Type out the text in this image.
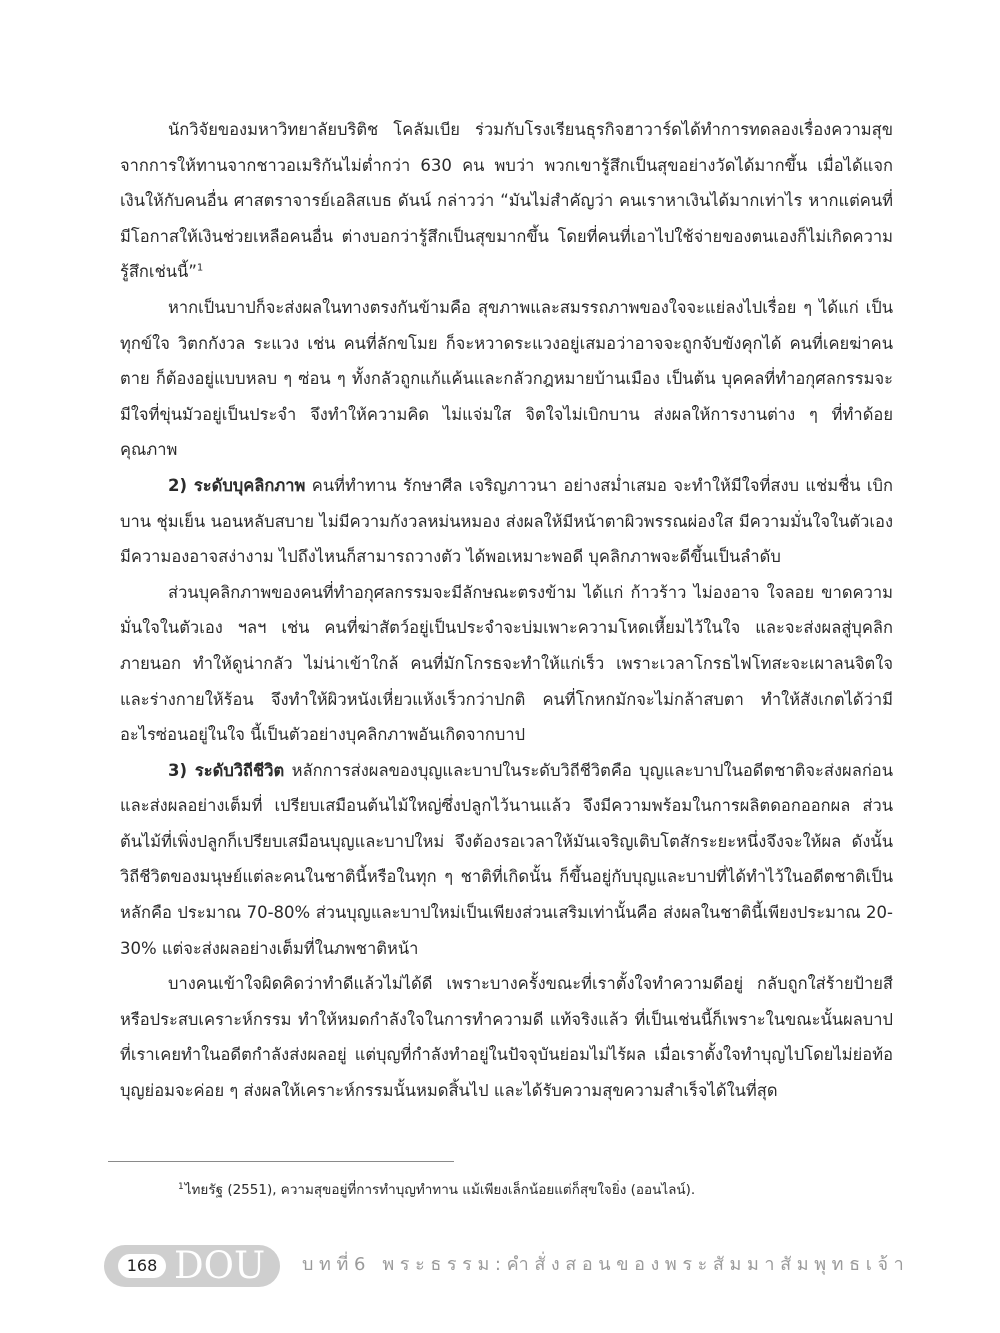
นักวิจัยของมหาวิทยาลัยบริติช โคลัมเบีย ร่วมกับโรงเรียนธุรกิจฮาวาร์ดได้ทำการทดลองเรื่องความสุขจากการให้ทานจากชาวอเมริกันไม่ต่ำกว่า 630 คน พบว่า พวกเขารู้สึกเป็นสุขอย่างวัดได้มากขึ้น เมื่อได้แจกเงินให้กับคนอื่น ศาสตราจารย์เอลิสเบธ ดันน์ กล่าวว่า “มันไม่สำคัญว่า คนเราหาเงินได้มากเท่าไร หากแต่คนที่มีโอกาสให้เงินช่วยเหลือคนอื่น ต่างบอกว่ารู้สึกเป็นสุขมากขึ้น โดยที่คนที่เอาไปใช้จ่ายของตนเองก็ไม่เกิดความรู้สึกเช่นนี้”$^1$

หากเป็นบาปก็จะส่งผลในทางตรงกันข้ามคือ สุขภาพและสมรรถภาพของใจจะแย่ลงไปเรื่อย ๆ ได้แก่ เป็นทุกข์ใจ วิตกกังวล ระแวง เช่น คนที่ลักขโมย ก็จะหวาดระแวงอยู่เสมอว่าอาจจะถูกจับขังคุกได้ คนที่เคยฆ่าคนตาย ก็ต้องอยู่แบบหลบ ๆ ซ่อน ๆ ทั้งกลัวถูกแก้แค้นและกลัวกฎหมายบ้านเมือง เป็นต้น บุคคลที่ทำอกุศลกรรมจะมีใจที่ขุ่นมัวอยู่เป็นประจำ จึงทำให้ความคิด ไม่แจ่มใส จิตใจไม่เบิกบาน ส่งผลให้การงานต่าง ๆ ที่ทำด้อยคุณภาพ

2) ระดับบุคลิกภาพ คนที่ทำทาน รักษาศีล เจริญภาวนา อย่างสม่ำเสมอ จะทำให้มีใจที่สงบ แช่มชื่น เบิกบาน ชุ่มเย็น นอนหลับสบาย ไม่มีความกังวลหม่นหมอง ส่งผลให้มีหน้าตาผิวพรรณผ่องใส มีความมั่นใจในตัวเอง มีความองอาจสง่างาม ไปถึงไหนก็สามารถวางตัว ได้พอเหมาะพอดี บุคลิกภาพจะดีขึ้นเป็นลำดับ

ส่วนบุคลิกภาพของคนที่ทำอกุศลกรรมจะมีลักษณะตรงข้าม ได้แก่ ก้าวร้าว ไม่องอาจ ใจลอย ขาดความมั่นใจในตัวเอง ฯลฯ เช่น คนที่ฆ่าสัตว์อยู่เป็นประจำจะบ่มเพาะความโหดเหี้ยมไว้ในใจ และจะส่งผลสู่บุคลิกภายนอก ทำให้ดูน่ากลัว ไม่น่าเข้าใกล้ คนที่มักโกรธจะทำให้แก่เร็ว เพราะเวลาโกรธไฟโทสะจะเผาลนจิตใจและร่างกายให้ร้อน จึงทำให้ผิวหนังเหี่ยวแห้งเร็วกว่าปกติ คนที่โกหกมักจะไม่กล้าสบตา ทำให้สังเกตได้ว่ามีอะไรซ่อนอยู่ในใจ นี้เป็นตัวอย่างบุคลิกภาพอันเกิดจากบาป

3) ระดับวิถีชีวิต หลักการส่งผลของบุญและบาปในระดับวิถีชีวิตคือ บุญและบาปในอดีตชาติจะส่งผลก่อนและส่งผลอย่างเต็มที่ เปรียบเสมือนต้นไม้ใหญ่ซึ่งปลูกไว้นานแล้ว จึงมีความพร้อมในการผลิตดอกออกผล ส่วนต้นไม้ที่เพิ่งปลูกก็เปรียบเสมือนบุญและบาปใหม่ จึงต้องรอเวลาให้มันเจริญเติบโตสักระยะหนึ่งจึงจะให้ผล ดังนั้นวิถีชีวิตของมนุษย์แต่ละคนในชาตินี้หรือในทุก ๆ ชาติที่เกิดนั้น ก็ขึ้นอยู่กับบุญและบาปที่ได้ทำไว้ในอดีตชาติเป็นหลักคือ ประมาณ 70-80% ส่วนบุญและบาปใหม่เป็นเพียงส่วนเสริมเท่านั้นคือ ส่งผลในชาตินี้เพียงประมาณ 20-30% แต่จะส่งผลอย่างเต็มที่ในภพชาติหน้า

บางคนเข้าใจผิดคิดว่าทำดีแล้วไม่ได้ดี เพราะบางครั้งขณะที่เราตั้งใจทำความดีอยู่ กลับถูกใส่ร้ายป้ายสี หรือประสบเคราะห์กรรม ทำให้หมดกำลังใจในการทำความดี แท้จริงแล้ว ที่เป็นเช่นนี้ก็เพราะในขณะนั้นผลบาปที่เราเคยทำในอดีตกำลังส่งผลอยู่ แต่บุญที่กำลังทำอยู่ในปัจจุบันย่อมไม่ไร้ผล เมื่อเราตั้งใจทำบุญไปโดยไม่ย่อท้อ บุญย่อมจะค่อย ๆ ส่งผลให้เคราะห์กรรมนั้นหมดสิ้นไป และได้รับความสุขความสำเร็จได้ในที่สุด

$^1$ไทยรัฐ (2551), ความสุขอยู่ที่การทำบุญทำทาน แม้เพียงเล็กน้อยแต่ก็สุขใจยิ่ง (ออนไลน์).
168 DOU บทที่6 พระธรรม:คำสั่งสอนของพระสัมมาสัมพุทธเจ้า
